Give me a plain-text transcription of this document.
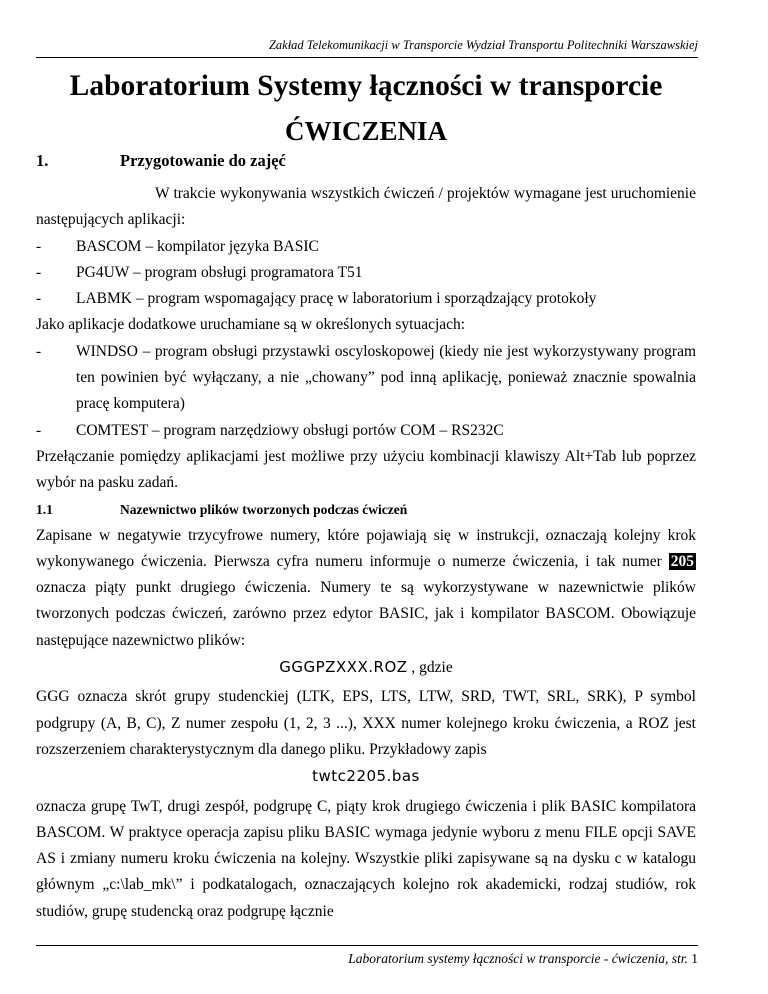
Zakład Telekomunikacji w Transporcie Wydział Transportu Politechniki Warszawskiej
Laboratorium Systemy łączności w transporcie
ĆWICZENIA

1.	Przygotowanie do zajęć

W trakcie wykonywania wszystkich ćwiczeń / projektów wymagane jest uruchomienie następujących aplikacji:

-	BASCOM – kompilator języka BASIC
-	PG4UW – program obsługi programatora T51
-	LABMK – program wspomagający pracę w laboratorium i sporządzający protokoły

Jako aplikacje dodatkowe uruchamiane są w określonych sytuacjach:

-	WINDSO – program obsługi przystawki oscyloskopowej (kiedy nie jest wykorzystywany program ten powinien być wyłączany, a nie „chowany” pod inną aplikację, ponieważ znacznie spowalnia pracę komputera)
-	COMTEST – program narzędziowy obsługi portów COM – RS232C

Przełączanie pomiędzy aplikacjami jest możliwe przy użyciu kombinacji klawiszy Alt+Tab lub poprzez wybór na pasku zadań.

1.1	Nazewnictwo plików tworzonych podczas ćwiczeń

Zapisane w negatywie trzycyfrowe numery, które pojawiają się w instrukcji, oznaczają kolejny krok wykonywanego ćwiczenia. Pierwsza cyfra numeru informuje o numerze ćwiczenia, i tak numer 205 oznacza piąty punkt drugiego ćwiczenia. Numery te są wykorzystywane w nazewnictwie plików tworzonych podczas ćwiczeń, zarówno przez edytor BASIC, jak i kompilator BASCOM. Obowiązuje następujące nazewnictwo plików:

GGGPZXXX.ROZ , gdzie

GGG oznacza skrót grupy studenckiej (LTK, EPS, LTS, LTW, SRD, TWT, SRL, SRK), P symbol podgrupy (A, B, C), Z numer zespołu (1, 2, 3 ...), XXX numer kolejnego kroku ćwiczenia, a ROZ jest rozszerzeniem charakterystycznym dla danego pliku. Przykładowy zapis

twtc2205.bas

oznacza grupę TwT, drugi zespół, podgrupę C, piąty krok drugiego ćwiczenia i plik BASIC kompilatora BASCOM. W praktyce operacja zapisu pliku BASIC wymaga jedynie wyboru z menu FILE opcji SAVE AS i zmiany numeru kroku ćwiczenia na kolejny. Wszystkie pliki zapisywane są na dysku c w katalogu głównym „c:\lab_mk\” i podkatalogach, oznaczających kolejno rok akademicki, rodzaj studiów, rok studiów, grupę studencką oraz podgrupę łącznie

Laboratorium systemy łączności w transporcie - ćwiczenia, str. 1
